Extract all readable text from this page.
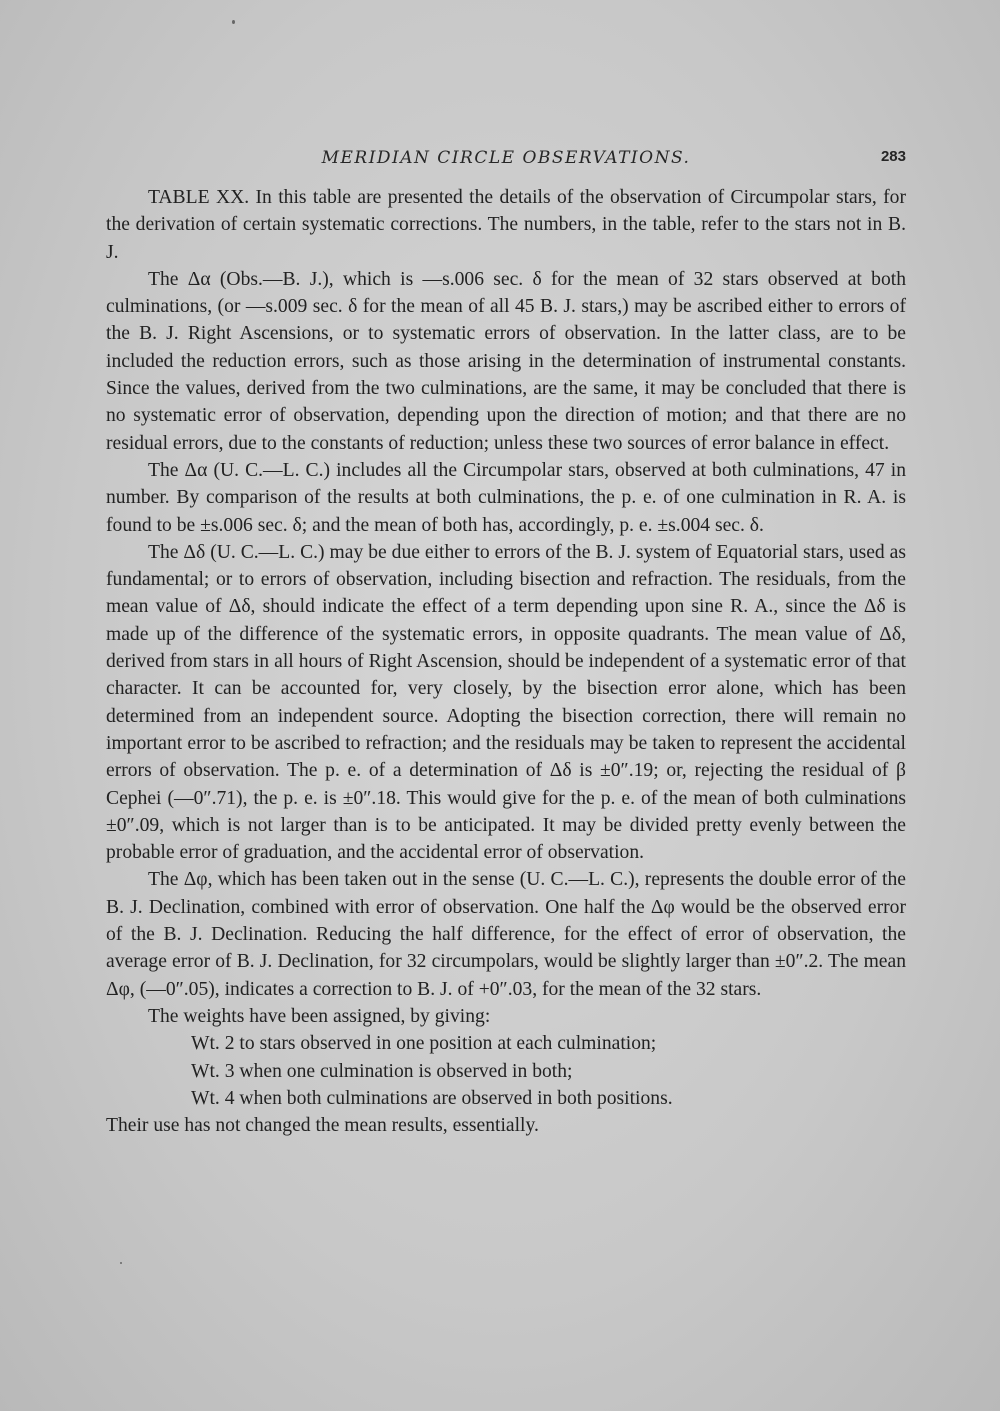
MERIDIAN CIRCLE OBSERVATIONS.	283

TABLE XX. In this table are presented the details of the observation of Circumpolar stars, for the derivation of certain systematic corrections. The numbers, in the table, refer to the stars not in B. J.

The Δα (Obs.—B. J.), which is —s.006 sec. δ for the mean of 32 stars observed at both culminations, (or —s.009 sec. δ for the mean of all 45 B. J. stars,) may be ascribed either to errors of the B. J. Right Ascensions, or to systematic errors of observation. In the latter class, are to be included the reduction errors, such as those arising in the determination of instrumental constants. Since the values, derived from the two culminations, are the same, it may be concluded that there is no systematic error of observation, depending upon the direction of motion; and that there are no residual errors, due to the constants of reduction; unless these two sources of error balance in effect.

The Δα (U. C.—L. C.) includes all the Circumpolar stars, observed at both culminations, 47 in number. By comparison of the results at both culminations, the p. e. of one culmination in R. A. is found to be ±s.006 sec. δ; and the mean of both has, accordingly, p. e. ±s.004 sec. δ.

The Δδ (U. C.—L. C.) may be due either to errors of the B. J. system of Equatorial stars, used as fundamental; or to errors of observation, including bisection and refraction. The residuals, from the mean value of Δδ, should indicate the effect of a term depending upon sine R. A., since the Δδ is made up of the difference of the systematic errors, in opposite quadrants. The mean value of Δδ, derived from stars in all hours of Right Ascension, should be independent of a systematic error of that character. It can be accounted for, very closely, by the bisection error alone, which has been determined from an independent source. Adopting the bisection correction, there will remain no important error to be ascribed to refraction; and the residuals may be taken to represent the accidental errors of observation. The p. e. of a determination of Δδ is ±0″.19; or, rejecting the residual of β Cephei (—0″.71), the p. e. is ±0″.18. This would give for the p. e. of the mean of both culminations ±0″.09, which is not larger than is to be anticipated. It may be divided pretty evenly between the probable error of graduation, and the accidental error of observation.

The Δφ, which has been taken out in the sense (U. C.—L. C.), represents the double error of the B. J. Declination, combined with error of observation. One half the Δφ would be the observed error of the B. J. Declination. Reducing the half difference, for the effect of error of observation, the average error of B. J. Declination, for 32 circumpolars, would be slightly larger than ±0″.2. The mean Δφ, (—0″.05), indicates a correction to B. J. of +0″.03, for the mean of the 32 stars.

The weights have been assigned, by giving:

Wt. 2 to stars observed in one position at each culmination;
Wt. 3 when one culmination is observed in both;
Wt. 4 when both culminations are observed in both positions.

Their use has not changed the mean results, essentially.
